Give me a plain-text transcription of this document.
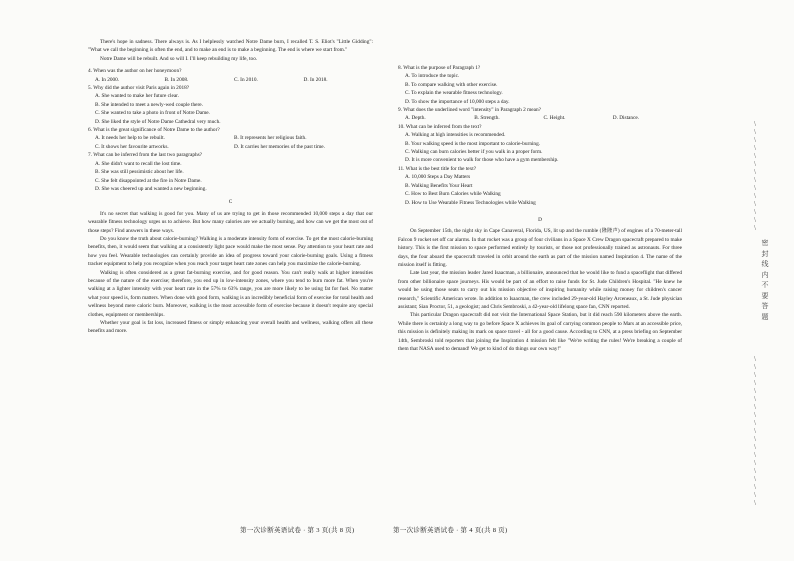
There's hope in sadness. There always is. As I helplessly watched Notre Dame burn, I recalled T. S. Eliot's "Little Gidding": "What we call the beginning is often the end, and to make an end is to make a beginning. The end is where we start from."

Notre Dame will be rebuilt. And so will I. I'll keep rebuilding my life, too.

4. When was the author on her honeymoon?

A. In 2000.	B. In 2008.	C. In 2010.	D. In 2018.

5. Why did the author visit Paris again in 2018?

A. She wanted to make her future clear.

B. She intended to meet a newly-wed couple there.

C. She wanted to take a photo in front of Notre Dame.

D. She liked the style of Notre Dame Cathedral very much.

6. What is the great significance of Notre Dame to the author?

A. It needs her help to be rebuilt.	B. It represents her religious faith.
C. It shows her favourite artworks.	D. It carries her memories of the past time.

7. What can be inferred from the last two paragraphs?

A. She didn't want to recall the lost time.

B. She was still pessimistic about her life.

C. She felt disappointed at the fire in Notre Dame.

D. She was cheered up and wanted a new beginning.

C

It's no secret that walking is good for you. Many of us are trying to get in those recommended 10,000 steps a day that our wearable fitness technology urges us to achieve. But how many calories are we actually burning, and how can we get the most out of those steps? Find answers in these ways.

Do you know the truth about calorie-burning? Walking is a moderate intensity form of exercise. To get the most calorie-burning benefits, then, it would seem that walking at a consistently light pace would make the most sense. Pay attention to your heart rate and how you feel. Wearable technologies can certainly provide an idea of progress toward your calorie-burning goals. Using a fitness tracker equipment to help you recognize when you reach your target heart rate zones can help you maximize the calorie-burning.

Walking is often considered as a great fat-burning exercise, and for good reason. You can't really walk at higher intensities because of the nature of the exercise; therefore, you end up in low-intensity zones, where you tend to burn more fat. When you're walking at a lighter intensity with your heart rate in the 57% to 63% range, you are more likely to be using fat for fuel. No matter what your speed is, form matters. When done with good form, walking is an incredibly beneficial form of exercise for total health and wellness beyond mere caloric burn. Moreover, walking is the most accessible form of exercise because it doesn't require any special clothes, equipment or memberships.

Whether your goal is fat loss, increased fitness or simply enhancing your overall health and wellness, walking offers all these benefits and more.

第一次诊断英语试卷 · 第 3 页(共 8 页)

8. What is the purpose of Paragraph 1?

A. To introduce the topic.

B. To compare walking with other exercise.

C. To explain the wearable fitness technology.

D. To show the importance of 10,000 steps a day.

9. What does the underlined word "intensity" in Paragraph 2 mean?

A. Depth.	B. Strength.	C. Height.	D. Distance.

10. What can be inferred from the text?

A. Walking at high intensities is recommended.

B. Your walking speed is the most important to calorie-burning.

C. Walking can burn calories better if you walk in a proper form.

D. It is more convenient to walk for those who have a gym membership.

11. What is the best title for the text?

A. 10,000 Steps a Day Matters

B. Walking Benefits Your Heart

C. How to Best Burn Calories while Walking

D. How to Use Wearable Fitness Technologies while Walking

D

On September 15th, the night sky in Cape Canaveral, Florida, US, lit up and the rumble (隆隆声) of engines of a 70-meter-tall Falcon 9 rocket set off car alarms. In that rocket was a group of four civilians in a Space X Crew Dragon spacecraft prepared to make history. This is the first mission to space performed entirely by tourists, or those not professionally trained as astronauts. For three days, the four aboard the spacecraft traveled in orbit around the earth as part of the mission named Inspiration 4. The name of the mission itself is fitting.

Late last year, the mission leader Jared Isaacman, a billionaire, announced that he would like to fund a spaceflight that differed from other billionaire space journeys. His would be part of an effort to raise funds for St. Jude Children's Hospital. "He knew he would be using those seats to carry out his mission objective of inspiring humanity while raising money for children's cancer research," Scientific American wrote. In addition to Isaacman, the crew included 29-year-old Hayley Arceneaux, a St. Jude physician assistant; Sian Proctor, 51, a geologist; and Chris Sembroski, a 42-year-old lifelong space fan, CNN reported.

This particular Dragon spacecraft did not visit the International Space Station, but it did reach 590 kilometers above the earth. While there is certainly a long way to go before Space X achieves its goal of carrying common people to Mars at an accessible price, this mission is definitely making its mark on space travel - all for a good cause. According to CNN, at a press briefing on September 14th, Sembroski told reporters that joining the Inspiration 4 mission felt like "We're writing the rules! We're breaking a couple of them that NASA used to demand! We get to kind of do things our own way!"

第一次诊断英语试卷 · 第 4 页(共 8 页)
\
\
\
\
\
\
\
\
\
\
\
\
\
\

密封线内不要答题
\
\
\
\
\
\
\
\
\
\
\
\
\
\
\
\
\
\
\
